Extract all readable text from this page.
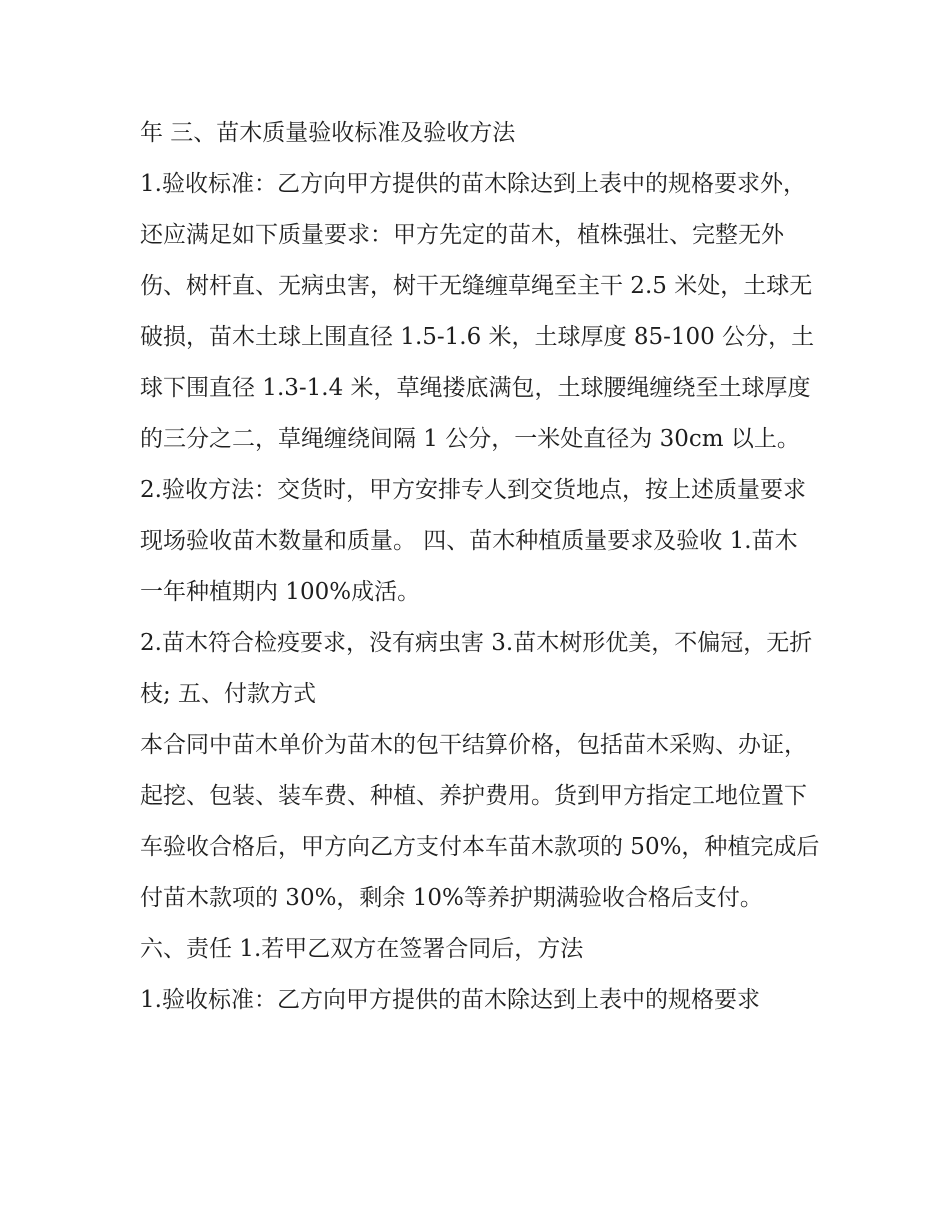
年 三、苗木质量验收标准及验收方法

1.验收标准：乙方向甲方提供的苗木除达到上表中的规格要求外，还应满足如下质量要求：甲方先定的苗木，植株强壮、完整无外伤、树杆直、无病虫害，树干无缝缠草绳至主干 2.5 米处，土球无破损，苗木土球上围直径 1.5-1.6 米，土球厚度 85-100 公分，土球下围直径 1.3-1.4 米，草绳搂底满包，土球腰绳缠绕至土球厚度的三分之二，草绳缠绕间隔 1 公分，一米处直径为 30cm 以上。

2.验收方法：交货时，甲方安排专人到交货地点，按上述质量要求现场验收苗木数量和质量。 四、苗木种植质量要求及验收 1.苗木一年种植期内 100%成活。

2.苗木符合检疫要求，没有病虫害 3.苗木树形优美，不偏冠，无折枝; 五、付款方式

本合同中苗木单价为苗木的包干结算价格，包括苗木采购、办证，起挖、包装、装车费、种植、养护费用。货到甲方指定工地位置下车验收合格后，甲方向乙方支付本车苗木款项的 50%，种植完成后付苗木款项的 30%，剩余 10%等养护期满验收合格后支付。

六、责任 1.若甲乙双方在签署合同后，方法

1.验收标准：乙方向甲方提供的苗木除达到上表中的规格要求
